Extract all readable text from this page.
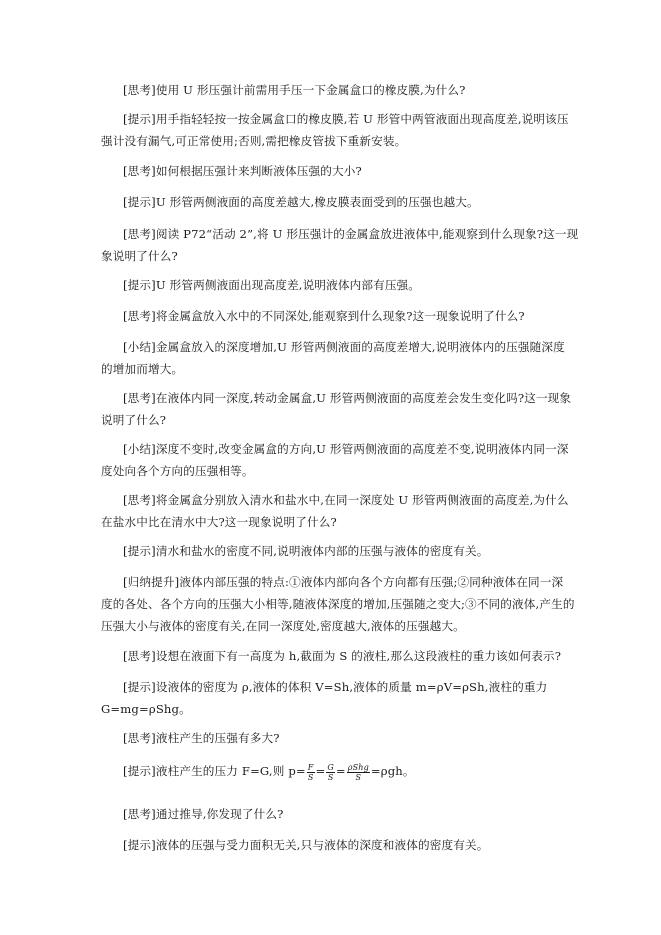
[思考]使用 U 形压强计前需用手压一下金属盒口的橡皮膜,为什么?
[提示]用手指轻轻按一按金属盒口的橡皮膜,若 U 形管中两管液面出现高度差,说明该压
强计没有漏气,可正常使用;否则,需把橡皮管拔下重新安装。
[思考]如何根据压强计来判断液体压强的大小?
[提示]U 形管两侧液面的高度差越大,橡皮膜表面受到的压强也越大。
[思考]阅读 P72“活动 2”,将 U 形压强计的金属盒放进液体中,能观察到什么现象?这一现
象说明了什么?
[提示]U 形管两侧液面出现高度差,说明液体内部有压强。
[思考]将金属盒放入水中的不同深处,能观察到什么现象?这一现象说明了什么?
[小结]金属盒放入的深度增加,U 形管两侧液面的高度差增大,说明液体内的压强随深度
的增加而增大。
[思考]在液体内同一深度,转动金属盒,U 形管两侧液面的高度差会发生变化吗?这一现象
说明了什么?
[小结]深度不变时,改变金属盒的方向,U 形管两侧液面的高度差不变,说明液体内同一深
度处向各个方向的压强相等。
[思考]将金属盒分别放入清水和盐水中,在同一深度处 U 形管两侧液面的高度差,为什么
在盐水中比在清水中大?这一现象说明了什么?
[提示]清水和盐水的密度不同,说明液体内部的压强与液体的密度有关。
[归纳提升]液体内部压强的特点:①液体内部向各个方向都有压强;②同种液体在同一深
度的各处、各个方向的压强大小相等,随液体深度的增加,压强随之变大;③不同的液体,产生的
压强大小与液体的密度有关,在同一深度处,密度越大,液体的压强越大。
[思考]设想在液面下有一高度为 h,截面为 S 的液柱,那么这段液柱的重力该如何表示?
[提示]设液体的密度为 ρ,液体的体积 V=Sh,液体的质量 m=ρV=ρSh,液柱的重力
G=mg=ρShg。
[思考]液柱产生的压强有多大?
[提示]液柱产生的压力 F=G,则 $p= \frac{F}{S} = \frac{G}{S} = \frac{\text{ρShg}}{S} =\rho gh$。
[思考]通过推导,你发现了什么?
[提示]液体的压强与受力面积无关,只与液体的深度和液体的密度有关。
